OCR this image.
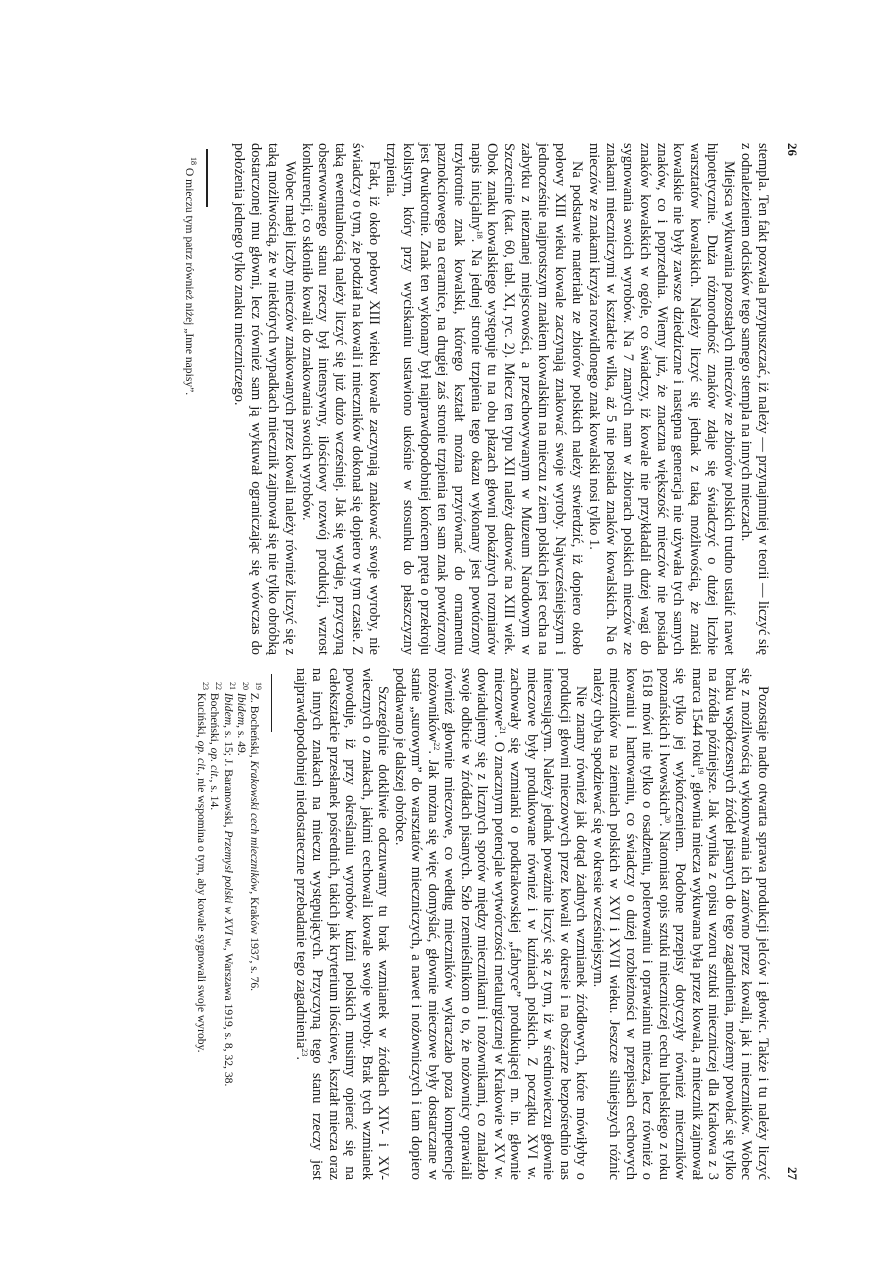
26

stempla. Ten fakt pozwala przypuszczać, iż należy — przynajmniej w teorii — liczyć się z odnalezieniem odcisków tego samego stempla na innych mieczach.

Miejsca wykuwania pozostałych mieczów ze zbiorów polskich trudno ustalić nawet hipotetycznie. Duża różnorodność znaków zdaje się świadczyć o dużej liczbie warsztatów kowalskich. Należy liczyć się jednak z taką możliwością, że znaki kowalskie nie były zawsze dziedziczne i następna generacja nie używała tych samych znaków, co i poprzednia. Wiemy już, że znaczna większość mieczów nie posiada znaków kowalskich w ogóle, co świadczy, iż kowale nie przykładali dużej wagi do sygnowania swoich wyrobów. Na 7 znanych nam w zbiorach polskich mieczów ze znakami mieczniczymi w kształcie wilka, aż 5 nie posiada znaków kowalskich. Na 6 mieczów ze znakami krzyża rozwidlonego znak kowalski nosi tylko 1.

Na podstawie materiału ze zbiorów polskich należy stwierdzić, iż dopiero około połowy XIII wieku kowale zaczynają znakować swoje wyroby. Najwcześniejszym i jednocześnie najprostszym znakiem kowalskim na mieczu z ziem polskich jest cecha na zabytku z nieznanej miejscowości, a przechowywanym w Muzeum Narodowym w Szczecinie (kat. 60, tabl. XI, ryc. 2). Miecz ten typu XII należy datować na XIII wiek. Obok znaku kowalskiego występuje tu na obu płazach głowni pokaźnych rozmiarów napis inicjalny$^{18}$. Na jednej stronie trzpienia tego okazu wykonany jest powtórzony trzykrotnie znak kowalski, którego kształt można przyrównać do ornamentu paznokciowego na ceramice, na drugiej zaś stronie trzpienia ten sam znak powtórzony jest dwukrotnie. Znak ten wykonany był najprawdopodobniej końcem pręta o przekroju kolistym, który przy wyciskaniu ustawiono ukośnie w stosunku do płaszczyzny trzpienia.

Fakt, iż około połowy XIII wieku kowale zaczynają znakować swoje wyroby, nie świadczy o tym, że podział na kowali i mieczników dokonał się dopiero w tym czasie. Z taką ewentualnością należy liczyć się już dużo wcześniej. Jak się wydaje, przyczyną obserwowanego stanu rzeczy był intensywny, ilościowy rozwój produkcji, wzrost konkurencji, co skłoniło kowali do znakowania swoich wyrobów.

Wobec małej liczby mieczów znakowanych przez kowali należy również liczyć się z taką możliwością, że w niektórych wypadkach miecznik zajmował się nie tylko obróbką dostarczonej mu głowni, lecz również sam ją wykuwał ograniczając się wówczas do położenia jednego tylko znaku mieczniczego.

$^{18}$ O mieczu tym patrz również niżej „Inne napisy”.
27

Pozostaje nadto otwarta sprawa produkcji jelców i głowic. Także i tu należy liczyć się z możliwością wykonywania ich zarówno przez kowali, jak i mieczników. Wobec braku współczesnych źródeł pisanych do tego zagadnienia, możemy powołać się tylko na źródła późniejsze. Jak wynika z opisu wzoru sztuki mieczniczej dla Krakowa z 3 marca 1544 roku$^{19}$, głownia miecza wykuwana była przez kowala, a miecznik zajmował się tylko jej wykończeniem. Podobne przepisy dotyczyły również mieczników poznańskich i lwowskich$^{20}$. Natomiast opis sztuki mieczniczej cechu lubelskiego z roku 1618 mówi nie tylko o osadzeniu, polerowaniu i oprawianiu miecza, lecz również o kowaniu i hartowaniu, co świadczy o dużej rozbieżności w przepisach cechowych mieczników na ziemiach polskich w XVI i XVII wieku. Jeszcze silniejszych różnic należy chyba spodziewać się w okresie wcześniejszym.

Nie znamy również jak dotąd żadnych wzmianek źródłowych, które mówiłyby o produkcji głowni mieczowych przez kowali w okresie i na obszarze bezpośrednio nas interesującym. Należy jednak poważnie liczyć się z tym, iż w średniowieczu głownie mieczowe były produkowane również i w kuźniach polskich. Z początku XVI w. zachowały się wzmianki o podkrakowskiej „fabryce” produkującej m. in. głownie mieczowe$^{21}$. O znacznym potencjale wytwórczości metalurgicznej w Krakowie w XV w. dowiadujemy się z licznych sporów między miecznikami i nożownikami, co znalazło swoje odbicie w źródłach pisanych. Szło rzemieślnikom o to, że nożownicy oprawiali również głownie mieczowe, co według mieczników wykraczało poza kompetencje nożowników$^{22}$. Jak można się więc domyślać, głownie mieczowe były dostarczane w stanie „surowym” do warsztatów mieczniczych, a nawet i nożowniczych i tam dopiero poddawano je dalszej obróbce.

Szczególnie dotkliwie odczuwamy tu brak wzmianek w źródłach XIV- i XV-wiecznych o znakach, jakimi cechowali kowale swoje wyroby. Brak tych wzmianek powoduje, iż przy określaniu wyrobów kuźni polskich musimy opierać się na całokształcie przesłanek pośrednich, takich jak kryterium ilościowe, kształt miecza oraz na innych znakach na mieczu występujących. Przyczyną tego stanu rzeczy jest najprawdopodobniej niedostateczne przebadanie tego zagadnienia$^{23}$.

$^{19}$ Z. Bocheński, Krakowski cech mieczników, Kraków 1937, s. 76.
$^{20}$ Ibidem, s. 49.
$^{21}$ Ibidem, s. 15; J. Baranowski, Przemysł polski w XVI w., Warszawa 1919, s. 8, 32, 38.
$^{22}$ Bocheński, op. cit., s. 14.
$^{23}$ Kuciński, op. cit., nie wspomina o tym, aby kowale sygnowali swoje wyroby.
